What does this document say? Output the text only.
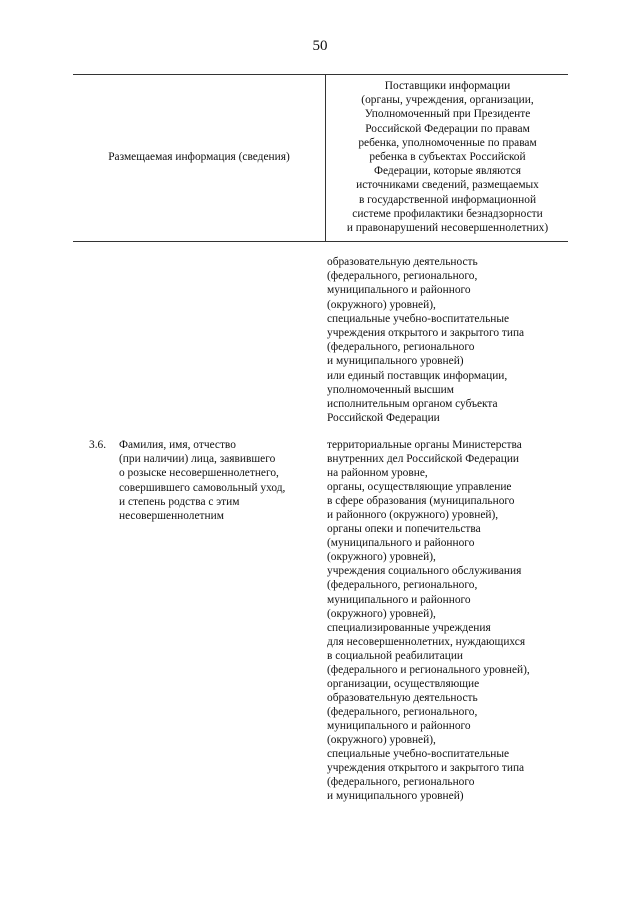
50
Размещаемая информация (сведения)
Поставщики информации
(органы, учреждения, организации,
Уполномоченный при Президенте
Российской Федерации по правам
ребенка, уполномоченные по правам
ребенка в субъектах Российской
Федерации, которые являются
источниками сведений, размещаемых
в государственной информационной
системе профилактики безнадзорности
и правонарушений несовершеннолетних)
образовательную деятельность
(федерального, регионального,
муниципального и районного
(окружного) уровней),
специальные учебно-воспитательные
учреждения открытого и закрытого типа
(федерального, регионального
и муниципального уровней)
или единый поставщик информации,
уполномоченный высшим
исполнительным органом субъекта
Российской Федерации
3.6. Фамилия, имя, отчество
(при наличии) лица, заявившего
о розыске несовершеннолетнего,
совершившего самовольный уход,
и степень родства с этим
несовершеннолетним
территориальные органы Министерства
внутренних дел Российской Федерации
на районном уровне,
органы, осуществляющие управление
в сфере образования (муниципального
и районного (окружного) уровней),
органы опеки и попечительства
(муниципального и районного
(окружного) уровней),
учреждения социального обслуживания
(федерального, регионального,
муниципального и районного
(окружного) уровней),
специализированные учреждения
для несовершеннолетних, нуждающихся
в социальной реабилитации
(федерального и регионального уровней),
организации, осуществляющие
образовательную деятельность
(федерального, регионального,
муниципального и районного
(окружного) уровней),
специальные учебно-воспитательные
учреждения открытого и закрытого типа
(федерального, регионального
и муниципального уровней)
